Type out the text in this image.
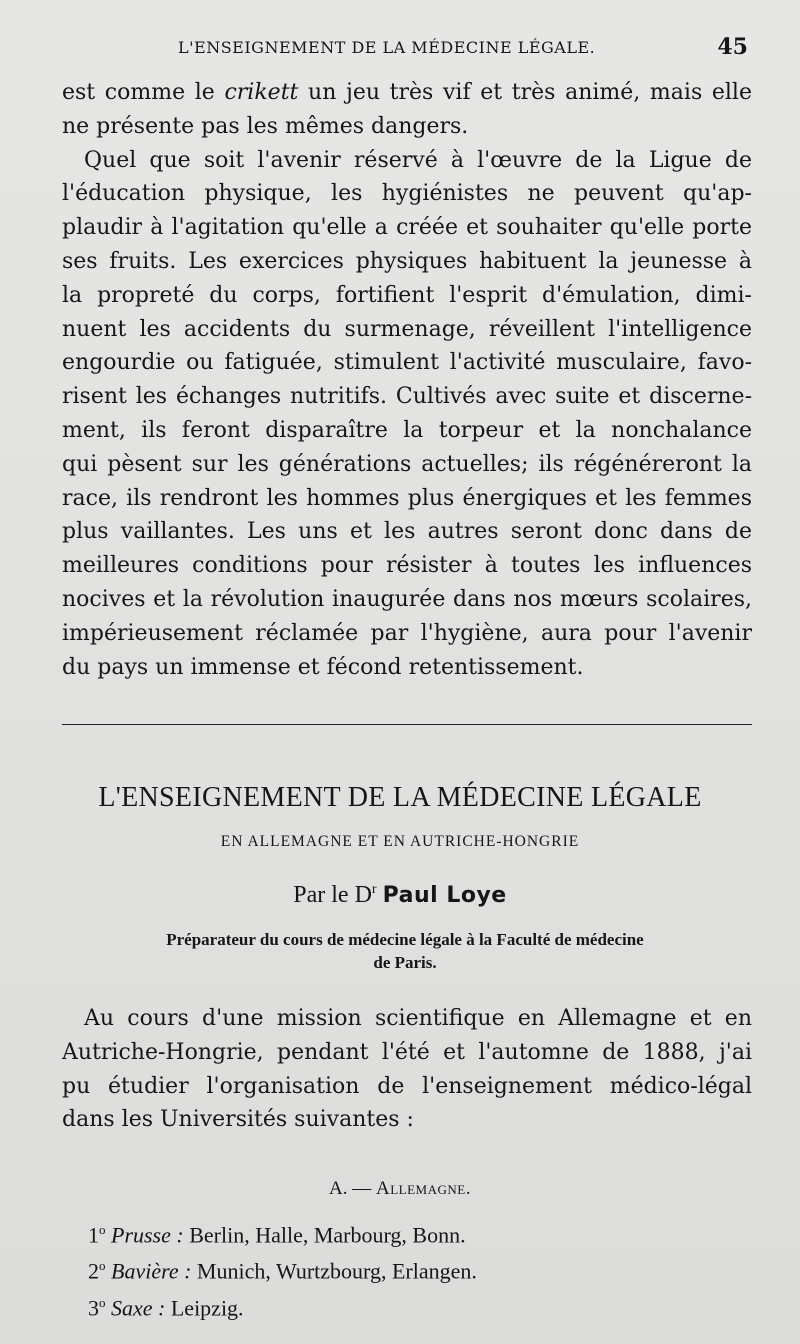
L'ENSEIGNEMENT DE LA MÉDECINE LÉGALE.	45
est comme le crikett un jeu très vif et très animé, mais elle
ne présente pas les mêmes dangers.
Quel que soit l'avenir réservé à l'œuvre de la Ligue de
l'éducation physique, les hygiénistes ne peuvent qu'ap-
plaudir à l'agitation qu'elle a créée et souhaiter qu'elle porte
ses fruits. Les exercices physiques habituent la jeunesse à
la propreté du corps, fortifient l'esprit d'émulation, dimi-
nuent les accidents du surmenage, réveillent l'intelligence
engourdie ou fatiguée, stimulent l'activité musculaire, favo-
risent les échanges nutritifs. Cultivés avec suite et discerne-
ment, ils feront disparaître la torpeur et la nonchalance
qui pèsent sur les générations actuelles; ils régénéreront la
race, ils rendront les hommes plus énergiques et les femmes
plus vaillantes. Les uns et les autres seront donc dans de
meilleures conditions pour résister à toutes les influences
nocives et la révolution inaugurée dans nos mœurs scolaires,
impérieusement réclamée par l'hygiène, aura pour l'avenir
du pays un immense et fécond retentissement.
L'ENSEIGNEMENT DE LA MÉDECINE LÉGALE
EN ALLEMAGNE ET EN AUTRICHE-HONGRIE
Par le $D^r$ Paul Loye
Préparateur du cours de médecine légale à la Faculté de médecine
de Paris.
Au cours d'une mission scientifique en Allemagne et en
Autriche-Hongrie, pendant l'été et l'automne de 1888, j'ai
pu étudier l'organisation de l'enseignement médico-légal
dans les Universités suivantes :
A. — Allemagne.
1$^o$ Prusse : Berlin, Halle, Marbourg, Bonn.
2$^o$ Bavière : Munich, Wurtzbourg, Erlangen.
3$^o$ Saxe : Leipzig.
